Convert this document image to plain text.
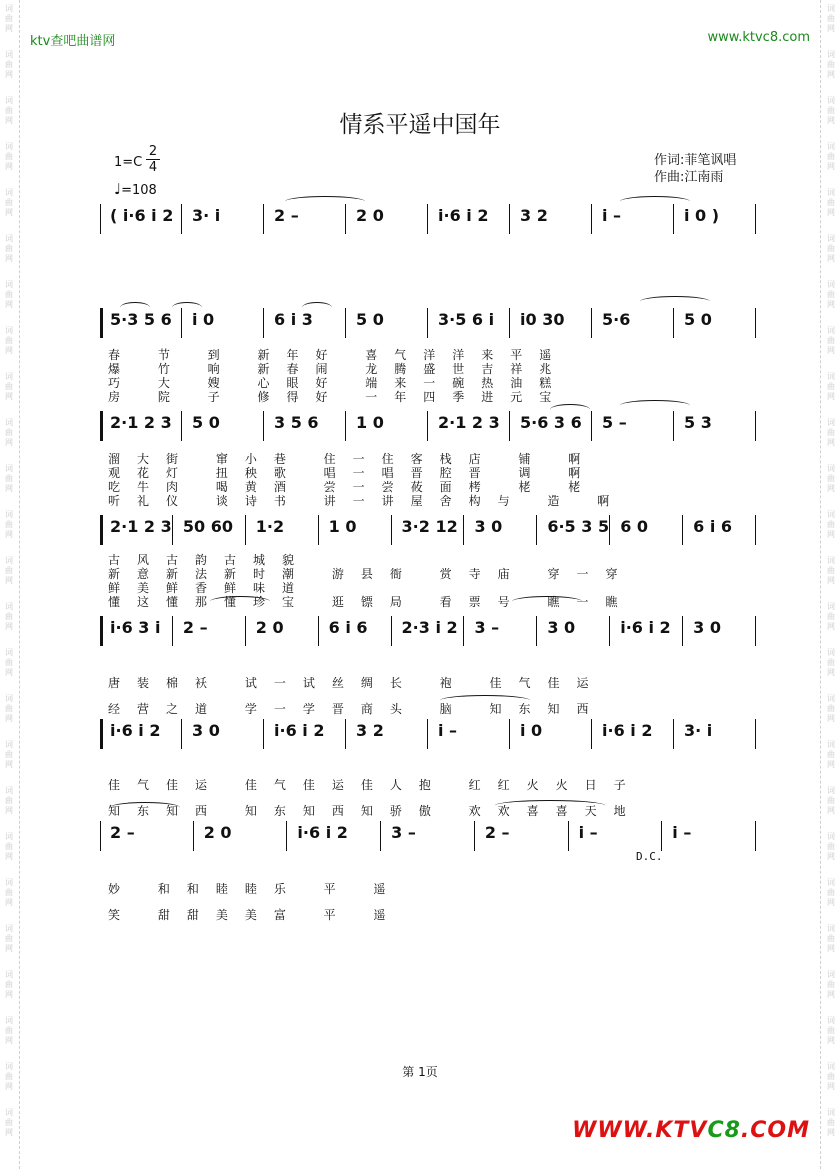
词曲网
词曲网
词曲网
词曲网
词曲网
词曲网
词曲网
词曲网
词曲网
词曲网
词曲网
词曲网
词曲网
词曲网
词曲网
词曲网
词曲网
词曲网
词曲网
词曲网
词曲网
词曲网
词曲网
词曲网
词曲网
词曲网
词曲网
词曲网
词曲网
词曲网
词曲网
词曲网
词曲网
词曲网
词曲网
词曲网
词曲网
词曲网
词曲网
词曲网
词曲网
词曲网
词曲网
词曲网
词曲网
词曲网
词曲网
词曲网
词曲网
词曲网
ktv查吧曲谱网	www.ktvc8.com
情系平遥中国年
$1=C \frac{2}{4}$
♩=108
作词:菲笔讽唱
作曲:江南雨
( i·6 i 2 3· i	2 –	2 0	i·6 i 2 3 2	i –	i 0 )
5·3 5 6 i 0	6 i 3	5 0	3·5 6 i i0 30 5·6	5 0
2·1 2 3 5 0	3 5 6 1 0	2·1 2 3 5·6 3 6 5 –	5 3
2·1 2 3 50 60 1·2	1 0	3·2 12 3 0	6·5 3 5 6 0	6 i 6
i·6 3 i 2 –	2 0	6 i 6 2·3 i 2 3 –	3 0	i·6 i 2 3 0
i·6 i 2 3 0	i·6 i 2 3 2	i –	i 0	i·6 i 2 3· i
2 –	2 0	i·6 i 2	3 –	2 –	i –	i –
春 节 到 新年好 喜气洋洋来平遥
爆 竹 响 新春闹 龙腾盛世吉祥兆
巧 大 嫂 心眼好 端来一碗热油糕
房 院 子 修得好 一年四季进元宝
溜大街 窜小巷 住一住客栈店 铺 啊
观花灯 扭秧歌 唱一唱晋腔晋 调 啊
吃牛肉 喝黄酒 尝一尝莜面栲 栳 栳
听礼仪 谈诗书 讲一讲屋舍构与 造 啊
古风古韵古城貌
新意新法新时潮 游县衙 赏寺庙 穿一穿
鲜美鲜香鲜味道
懂这懂那懂珍宝 逛镖局 看票号 瞧一瞧
唐装棉袄 试一试丝绸长 袍 佳气佳运
经营之道 学一学晋商头 脑 知东知西
佳气佳运 佳气佳运佳人抱 红红火火日子
知东知西 知东知西知骄傲 欢欢喜喜天地
妙 和和睦睦乐 平 遥
笑 甜甜美美富 平 遥
D.C.
第 1页
WWW.KTVC8.COM
